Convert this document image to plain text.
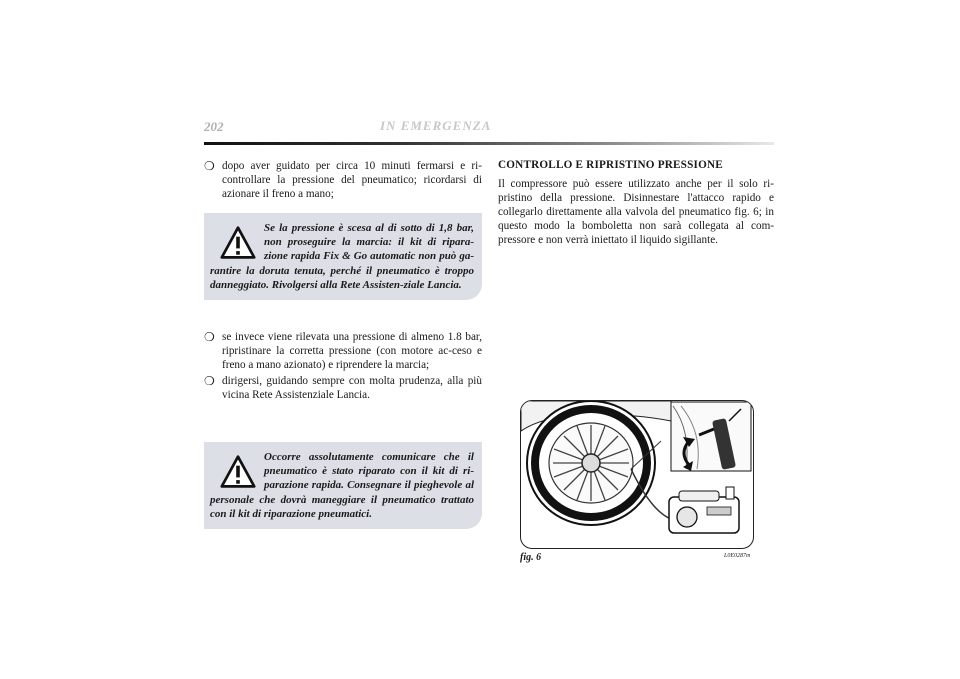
202	IN EMERGENZA

❍ dopo aver guidato per circa 10 minuti fermarsi e ri-controllare la pressione del pneumatico; ricordarsi di azionare il freno a mano;

Se la pressione è scesa al di sotto di 1,8 bar, non proseguire la marcia: il kit di ripara-zione rapida Fix & Go automatic non può ga-rantire la doruta tenuta, perché il pneumatico è troppo danneggiato. Rivolgersi alla Rete Assisten-ziale Lancia.

❍ se invece viene rilevata una pressione di almeno 1.8 bar, ripristinare la corretta pressione (con motore ac-ceso e freno a mano azionato) e riprendere la marcia;

❍ dirigersi, guidando sempre con molta prudenza, alla più vicina Rete Assistenziale Lancia.

Occorre assolutamente comunicare che il pneumatico è stato riparato con il kit di ri-parazione rapida. Consegnare il pieghevole al personale che dovrà maneggiare il pneumatico trattato con il kit di riparazione pneumatici.

CONTROLLO E RIPRISTINO PRESSIONE

Il compressore può essere utilizzato anche per il solo ri-pristino della pressione. Disinnestare l'attacco rapido e collegarlo direttamente alla valvola del pneumatico fig. 6; in questo modo la bomboletta non sarà collegata al com-pressore e non verrà iniettato il liquido sigillante.

fig. 6	L0E0287m
